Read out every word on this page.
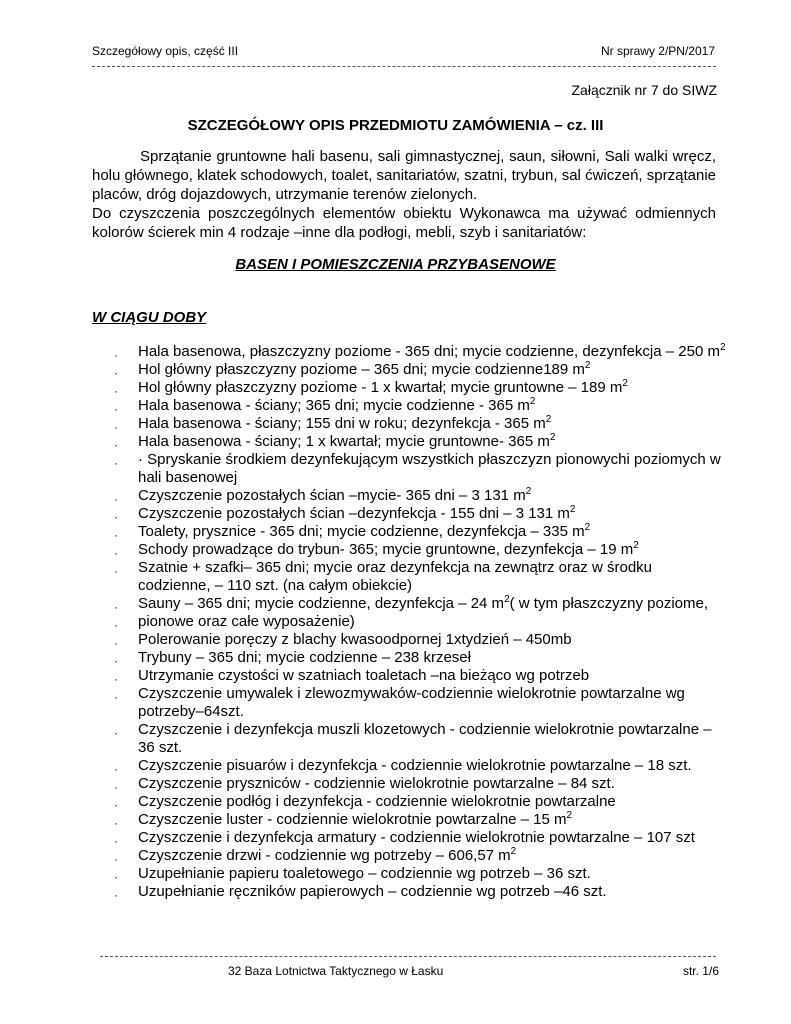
Szczegółowy opis, część III	Nr sprawy 2/PN/2017
Załącznik nr 7 do SIWZ
SZCZEGÓŁOWY OPIS PRZEDMIOTU ZAMÓWIENIA – cz. III

Sprzątanie gruntowne hali basenu, sali gimnastycznej, saun, siłowni, Sali walki wręcz, holu głównego, klatek schodowych, toalet, sanitariatów, szatni, trybun, sal ćwiczeń, sprzątanie placów, dróg dojazdowych, utrzymanie terenów zielonych.

Do czyszczenia poszczególnych elementów obiektu Wykonawca ma używać odmiennych kolorów ścierek min 4 rodzaje –inne dla podłogi, mebli, szyb i sanitariatów:

BASEN I POMIESZCZENIA PRZYBASENOWE
W CIĄGU DOBY
· Hala basenowa, płaszczyzny poziome - 365 dni; mycie codzienne, dezynfekcja – 250 $m^2$
· Hol główny płaszczyzny poziome – 365 dni; mycie codzienne189 $m^2$
· Hol główny płaszczyzny poziome - 1 x kwartał; mycie gruntowne – 189 $m^2$
· Hala basenowa - ściany; 365 dni; mycie codzienne - 365 $m^2$
· Hala basenowa - ściany; 155 dni w roku; dezynfekcja - 365 $m^2$
· Hala basenowa - ściany; 1 x kwartał; mycie gruntowne- 365 $m^2$
· · Spryskanie środkiem dezynfekującym wszystkich płaszczyzn pionowychi poziomych w hali basenowej
· Czyszczenie pozostałych ścian –mycie- 365 dni – 3 131 $m^2$
· Czyszczenie pozostałych ścian –dezynfekcja - 155 dni – 3 131 $m^2$
· Toalety, prysznice - 365 dni; mycie codzienne, dezynfekcja – 335 $m^2$
· Schody prowadzące do trybun- 365; mycie gruntowne, dezynfekcja – 19 $m^2$
· Szatnie + szafki– 365 dni; mycie oraz dezynfekcja na zewnątrz oraz w środku codzienne, – 110 szt. (na całym obiekcie)
· Sauny – 365 dni; mycie codzienne, dezynfekcja – 24 $m^2$( w tym płaszczyzny poziome,
· pionowe oraz całe wyposażenie)
· Polerowanie poręczy z blachy kwasoodpornej 1xtydzień – 450mb
· Trybuny – 365 dni; mycie codzienne – 238 krzeseł
· Utrzymanie czystości w szatniach toaletach –na bieżąco wg potrzeb
· Czyszczenie umywalek i zlewozmywaków-codziennie wielokrotnie powtarzalne wg potrzeby–64szt.
· Czyszczenie i dezynfekcja muszli klozetowych - codziennie wielokrotnie powtarzalne – 36 szt.
· Czyszczenie pisuarów i dezynfekcja - codziennie wielokrotnie powtarzalne – 18 szt.
· Czyszczenie pryszniców - codziennie wielokrotnie powtarzalne – 84 szt.
· Czyszczenie podłóg i dezynfekcja - codziennie wielokrotnie powtarzalne
· Czyszczenie luster - codziennie wielokrotnie powtarzalne – 15 $m^2$
· Czyszczenie i dezynfekcja armatury - codziennie wielokrotnie powtarzalne – 107 szt
· Czyszczenie drzwi - codziennie wg potrzeby – 606,57 $m^2$
· Uzupełnianie papieru toaletowego – codziennie wg potrzeb – 36 szt.
· Uzupełnianie ręczników papierowych – codziennie wg potrzeb –46 szt.
32 Baza Lotnictwa Taktycznego w Łasku	str. 1/6
